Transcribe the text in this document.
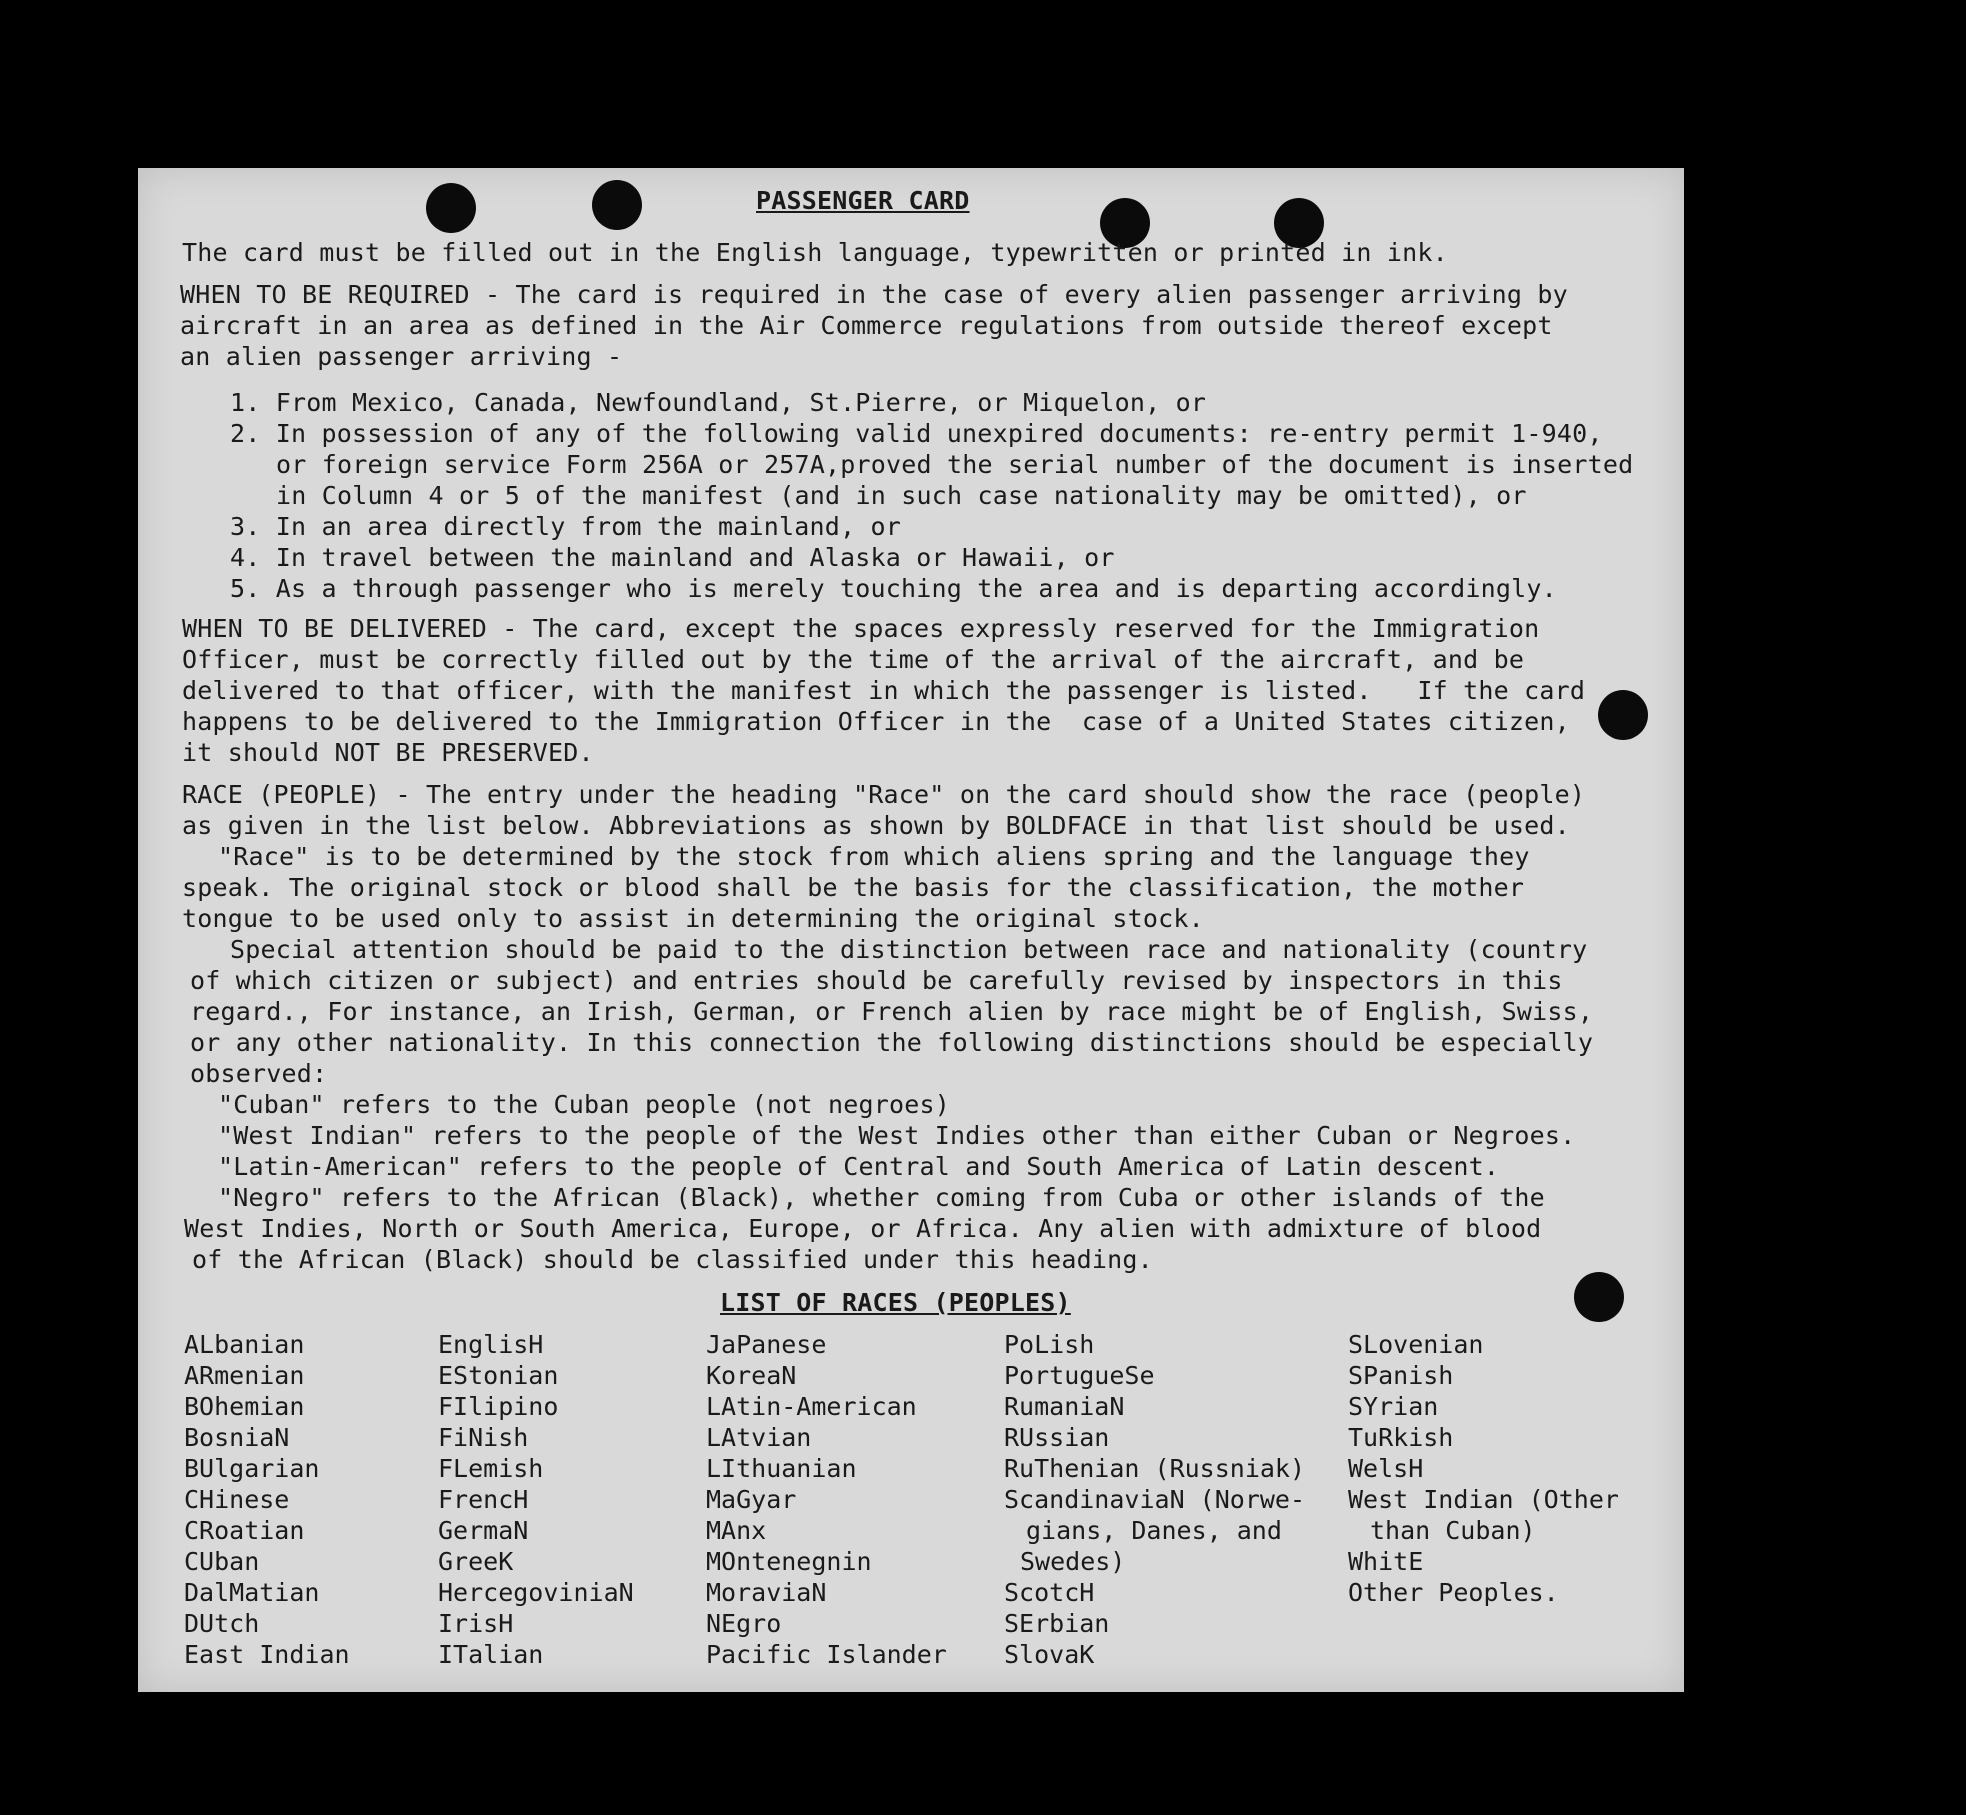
PASSENGER CARD
The card must be filled out in the English language, typewritten or printed in ink.
WHEN TO BE REQUIRED - The card is required in the case of every alien passenger arriving by
aircraft in an area as defined in the Air Commerce regulations from outside thereof except
an alien passenger arriving -
1. From Mexico, Canada, Newfoundland, St.Pierre, or Miquelon, or
2. In possession of any of the following valid unexpired documents: re-entry permit 1-940,
or foreign service Form 256A or 257A,proved the serial number of the document is inserted
in Column 4 or 5 of the manifest (and in such case nationality may be omitted), or
3. In an area directly from the mainland, or
4. In travel between the mainland and Alaska or Hawaii, or
5. As a through passenger who is merely touching the area and is departing accordingly.
WHEN TO BE DELIVERED - The card, except the spaces expressly reserved for the Immigration
Officer, must be correctly filled out by the time of the arrival of the aircraft, and be
delivered to that officer, with the manifest in which the passenger is listed.   If the card
happens to be delivered to the Immigration Officer in the  case of a United States citizen,
it should NOT BE PRESERVED.
RACE (PEOPLE) - The entry under the heading "Race" on the card should show the race (people)
as given in the list below. Abbreviations as shown by BOLDFACE in that list should be used.
"Race" is to be determined by the stock from which aliens spring and the language they
speak. The original stock or blood shall be the basis for the classification, the mother
tongue to be used only to assist in determining the original stock.
Special attention should be paid to the distinction between race and nationality (country
of which citizen or subject) and entries should be carefully revised by inspectors in this
regard., For instance, an Irish, German, or French alien by race might be of English, Swiss,
or any other nationality. In this connection the following distinctions should be especially
observed:
"Cuban" refers to the Cuban people (not negroes)
"West Indian" refers to the people of the West Indies other than either Cuban or Negroes.
"Latin-American" refers to the people of Central and South America of Latin descent.
"Negro" refers to the African (Black), whether coming from Cuba or other islands of the
West Indies, North or South America, Europe, or Africa. Any alien with admixture of blood
of the African (Black) should be classified under this heading.
LIST OF RACES (PEOPLES)
ALbanian
ARmenian
BOhemian
BosniaN
BUlgarian
CHinese
CRoatian
CUban
DalMatian
DUtch
East Indian
EnglisH
EStonian
FIlipino
FiNish
FLemish
FrencH
GermaN
GreeK
HercegoviniaN
IrisH
ITalian
JaPanese
KoreaN
LAtin-American
LAtvian
LIthuanian
MaGyar
MAnx
MOntenegnin
MoraviaN
NEgro
Pacific Islander
PoLish
PortugueSe
RumaniaN
RUssian
RuThenian (Russniak)
ScandinaviaN (Norwe-
gians, Danes, and
Swedes)
ScotcH
SErbian
SlovaK
SLovenian
SPanish
SYrian
TuRkish
WelsH
West Indian (Other
than Cuban)
WhitE
Other Peoples.
